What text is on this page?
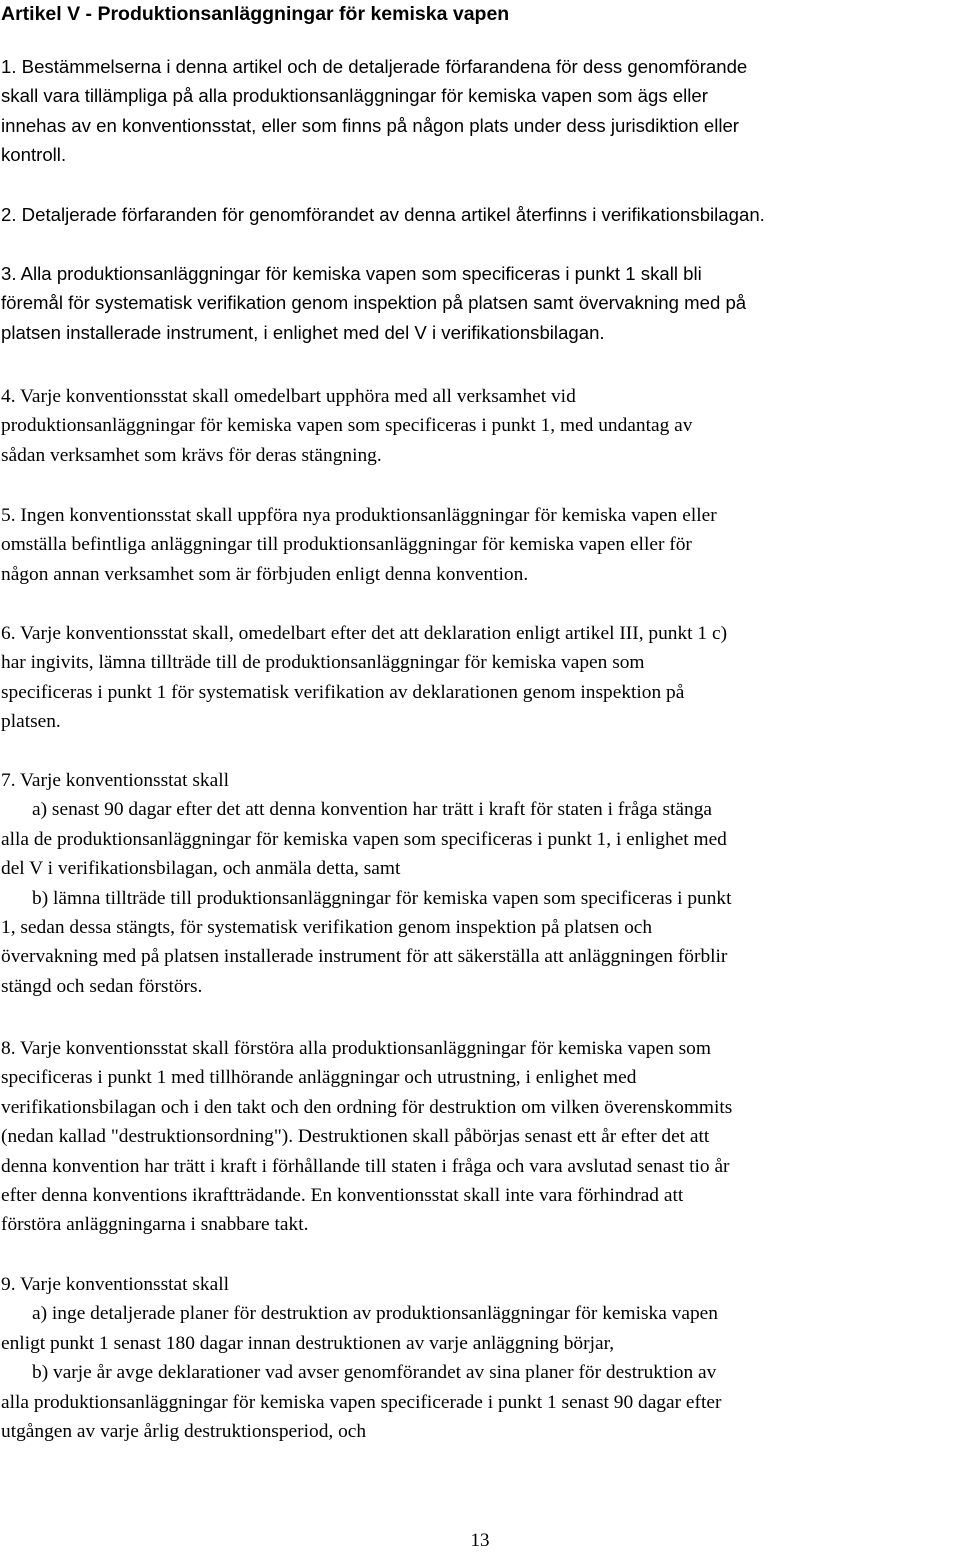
Artikel V - Produktionsanläggningar för kemiska vapen

1. Bestämmelserna i denna artikel och de detaljerade förfarandena för dess genomförande
skall vara tillämpliga på alla produktionsanläggningar för kemiska vapen som ägs eller
innehas av en konventionsstat, eller som finns på någon plats under dess jurisdiktion eller
kontroll.

2. Detaljerade förfaranden för genomförandet av denna artikel återfinns i verifikationsbilagan.

3. Alla produktionsanläggningar för kemiska vapen som specificeras i punkt 1 skall bli
föremål för systematisk verifikation genom inspektion på platsen samt övervakning med på
platsen installerade instrument, i enlighet med del V i verifikationsbilagan.

4. Varje konventionsstat skall omedelbart upphöra med all verksamhet vid
produktionsanläggningar för kemiska vapen som specificeras i punkt 1, med undantag av
sådan verksamhet som krävs för deras stängning.

5. Ingen konventionsstat skall uppföra nya produktionsanläggningar för kemiska vapen eller
omställa befintliga anläggningar till produktionsanläggningar för kemiska vapen eller för
någon annan verksamhet som är förbjuden enligt denna konvention.

6. Varje konventionsstat skall, omedelbart efter det att deklaration enligt artikel III, punkt 1 c)
har ingivits, lämna tillträde till de produktionsanläggningar för kemiska vapen som
specificeras i punkt 1 för systematisk verifikation av deklarationen genom inspektion på
platsen.

7. Varje konventionsstat skall
a) senast 90 dagar efter det att denna konvention har trätt i kraft för staten i fråga stänga
alla de produktionsanläggningar för kemiska vapen som specificeras i punkt 1, i enlighet med
del V i verifikationsbilagan, och anmäla detta, samt
b) lämna tillträde till produktionsanläggningar för kemiska vapen som specificeras i punkt
1, sedan dessa stängts, för systematisk verifikation genom inspektion på platsen och
övervakning med på platsen installerade instrument för att säkerställa att anläggningen förblir
stängd och sedan förstörs.

8. Varje konventionsstat skall förstöra alla produktionsanläggningar för kemiska vapen som
specificeras i punkt 1 med tillhörande anläggningar och utrustning, i enlighet med
verifikationsbilagan och i den takt och den ordning för destruktion om vilken överenskommits
(nedan kallad "destruktionsordning"). Destruktionen skall påbörjas senast ett år efter det att
denna konvention har trätt i kraft i förhållande till staten i fråga och vara avslutad senast tio år
efter denna konventions ikraftträdande. En konventionsstat skall inte vara förhindrad att
förstöra anläggningarna i snabbare takt.

9. Varje konventionsstat skall
a) inge detaljerade planer för destruktion av produktionsanläggningar för kemiska vapen
enligt punkt 1 senast 180 dagar innan destruktionen av varje anläggning börjar,
b) varje år avge deklarationer vad avser genomförandet av sina planer för destruktion av
alla produktionsanläggningar för kemiska vapen specificerade i punkt 1 senast 90 dagar efter
utgången av varje årlig destruktionsperiod, och

13
